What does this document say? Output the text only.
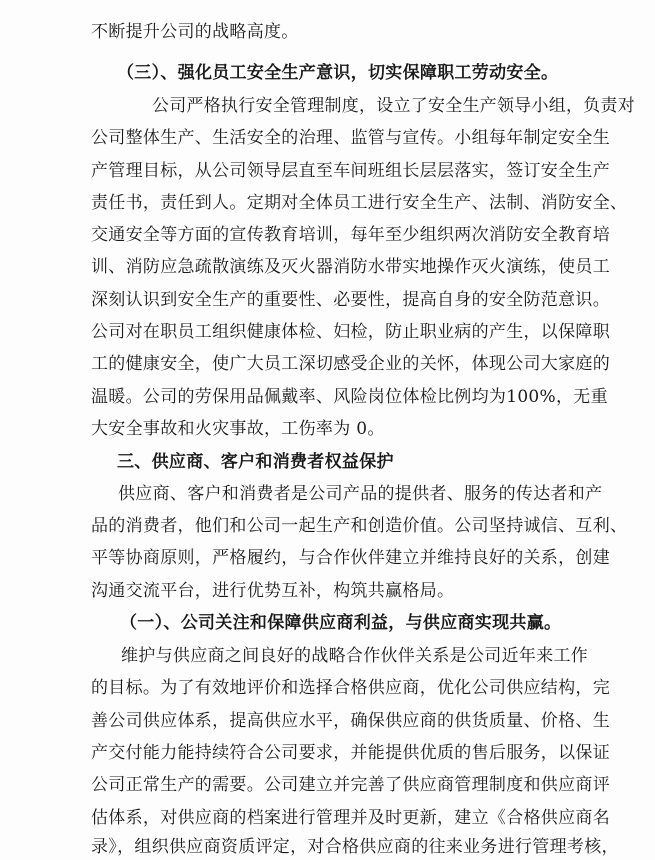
不断提升公司的战略高度。

（三）、强化员工安全生产意识，切实保障职工劳动安全。

公司严格执行安全管理制度，设立了安全生产领导小组，负责对

公司整体生产、生活安全的治理、监管与宣传。小组每年制定安全生

产管理目标，从公司领导层直至车间班组长层层落实，签订安全生产

责任书，责任到人。定期对全体员工进行安全生产、法制、消防安全、

交通安全等方面的宣传教育培训，每年至少组织两次消防安全教育培

训、消防应急疏散演练及灭火器消防水带实地操作灭火演练，使员工

深刻认识到安全生产的重要性、必要性，提高自身的安全防范意识。

公司对在职员工组织健康体检、妇检，防止职业病的产生，以保障职

工的健康安全，使广大员工深切感受企业的关怀，体现公司大家庭的

温暖。公司的劳保用品佩戴率、风险岗位体检比例均为100%，无重

大安全事故和火灾事故，工伤率为 0。

三、供应商、客户和消费者权益保护

供应商、客户和消费者是公司产品的提供者、服务的传达者和产

品的消费者，他们和公司一起生产和创造价值。公司坚持诚信、互利、

平等协商原则，严格履约，与合作伙伴建立并维持良好的关系，创建

沟通交流平台，进行优势互补，构筑共赢格局。

（一）、公司关注和保障供应商利益，与供应商实现共赢。

维护与供应商之间良好的战略合作伙伴关系是公司近年来工作

的目标。为了有效地评价和选择合格供应商，优化公司供应结构，完

善公司供应体系，提高供应水平，确保供应商的供货质量、价格、生

产交付能力能持续符合公司要求，并能提供优质的售后服务，以保证

公司正常生产的需要。公司建立并完善了供应商管理制度和供应商评

估体系，对供应商的档案进行管理并及时更新，建立《合格供应商名

录》，组织供应商资质评定，对合格供应商的往来业务进行管理考核，
